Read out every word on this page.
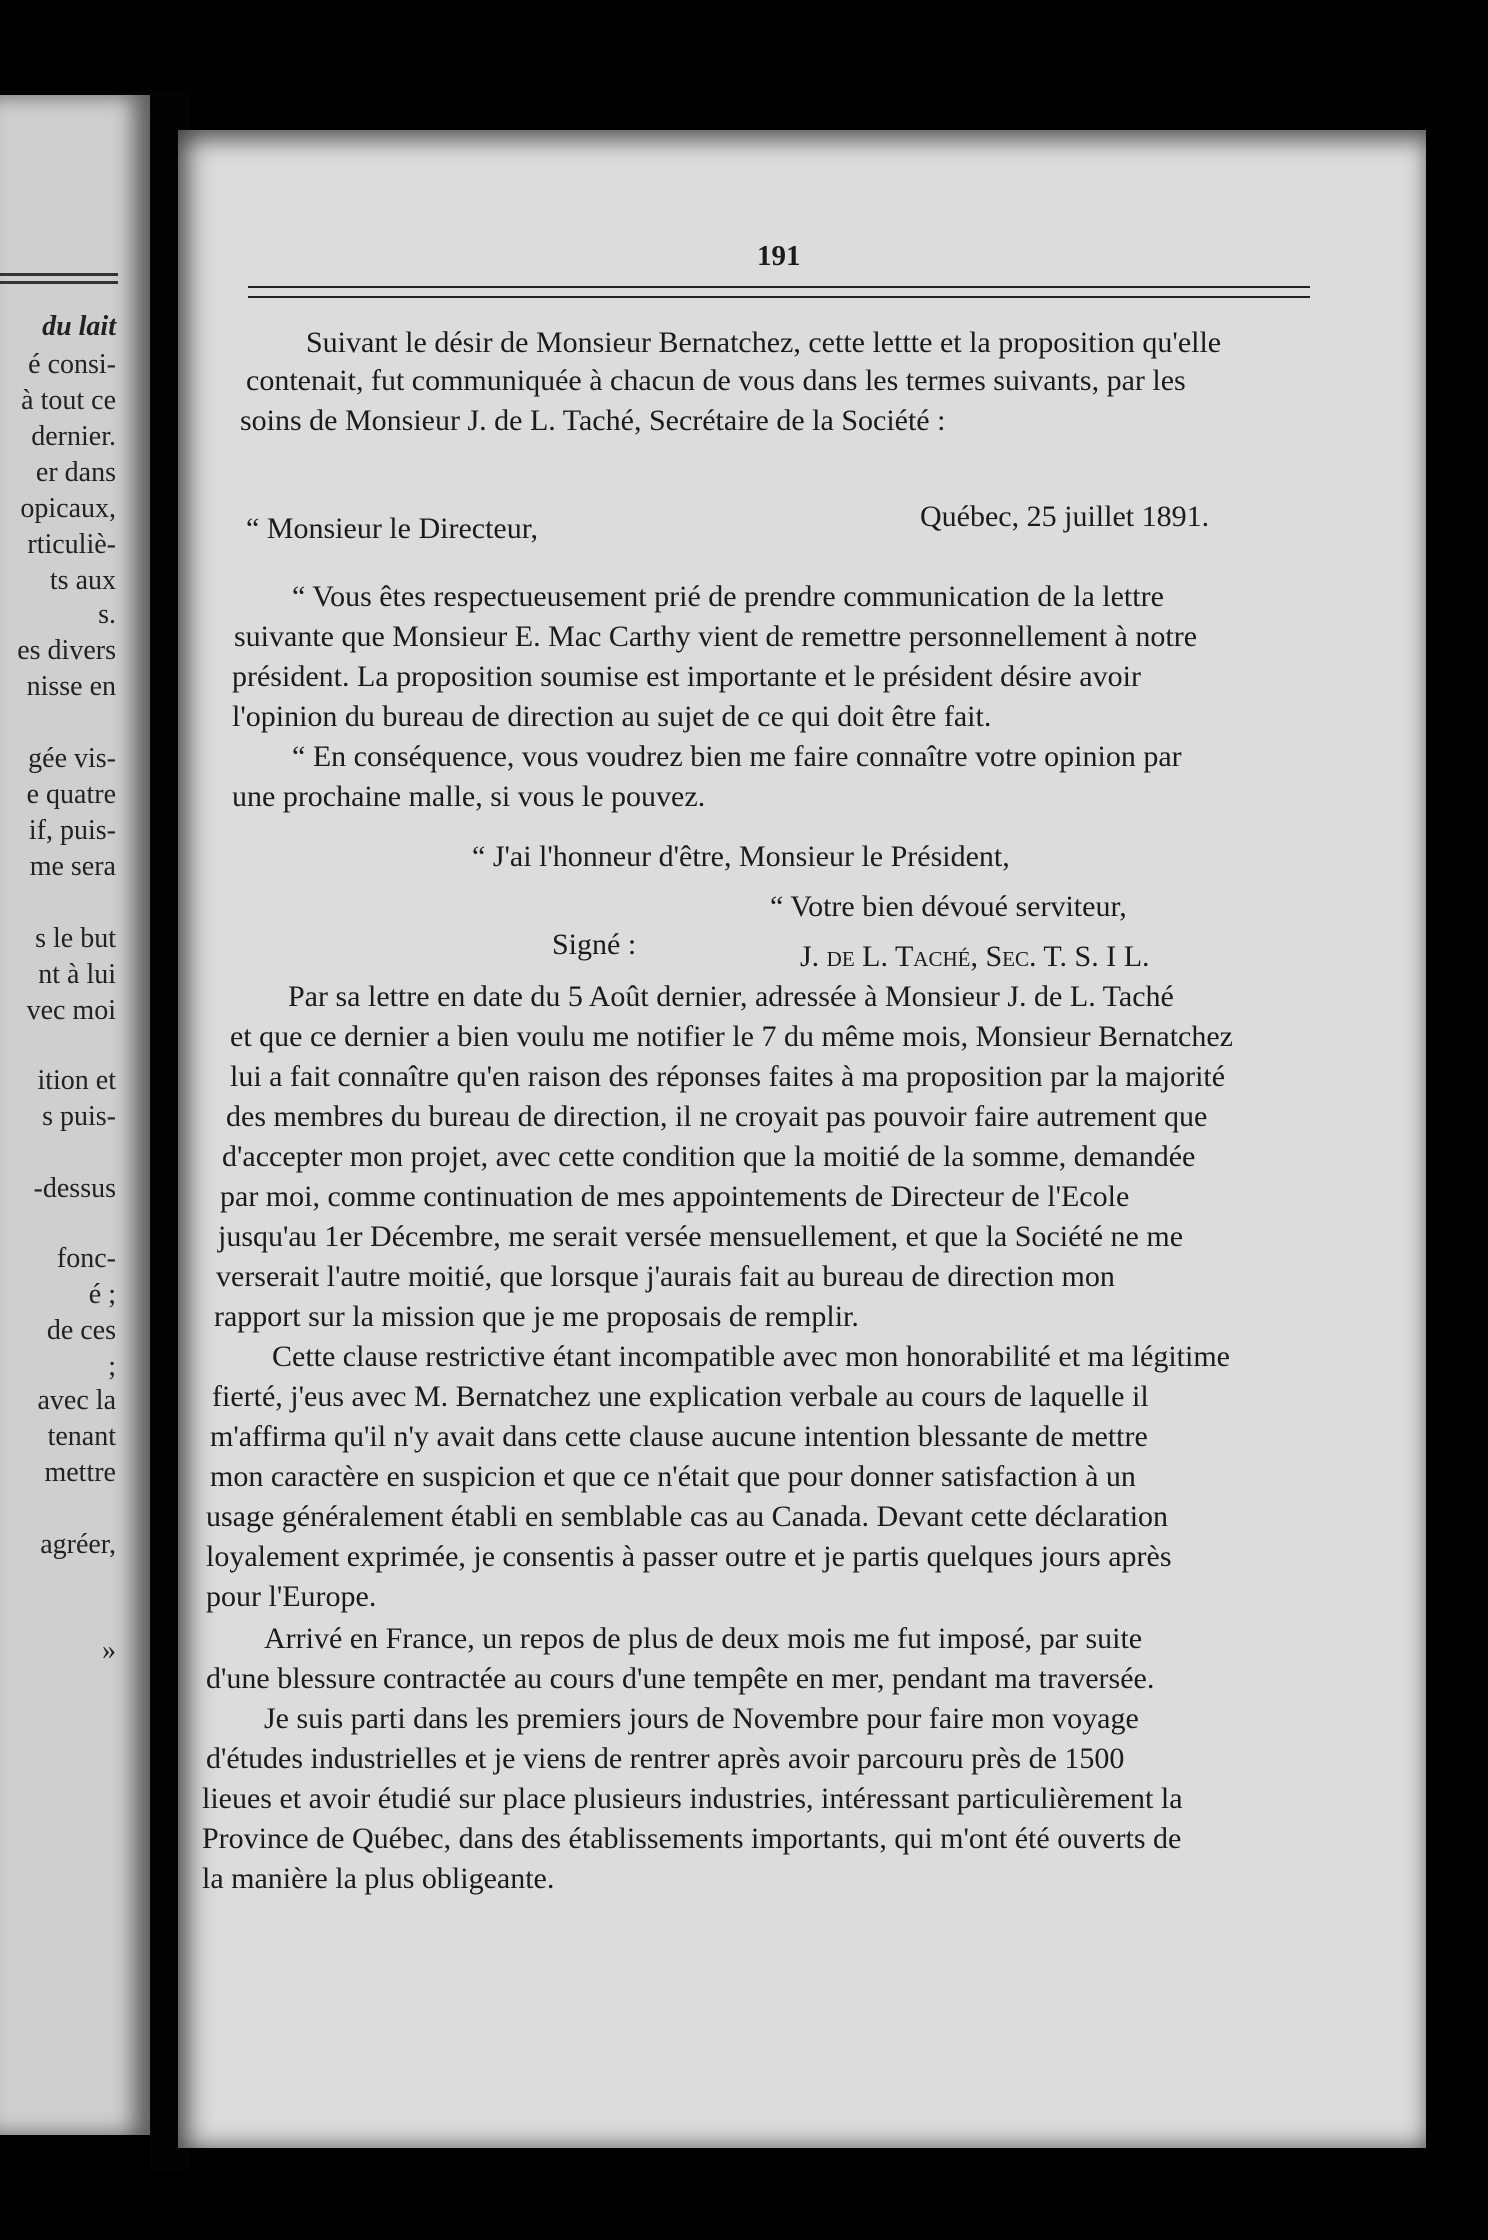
du lait
é consi-
à tout ce
dernier.
er dans
opicaux,
rticuliè-
ts aux
s.
es divers
nisse en
gée vis-
e quatre
if, puis-
me sera
s le but
nt à lui
vec moi
ition et
s puis-
-dessus
fonc-
é ;
de ces
;
avec la
tenant
mettre
agréer,
»
191
Suivant le désir de Monsieur Bernatchez, cette lettte et la proposition qu'elle
contenait, fut communiquée à chacun de vous dans les termes suivants, par les
soins de Monsieur J. de L. Taché, Secrétaire de la Société :
Québec, 25 juillet 1891.
“ Monsieur le Directeur,
“ Vous êtes respectueusement prié de prendre communication de la lettre
suivante que Monsieur E. Mac Carthy vient de remettre personnellement à notre
président. La proposition soumise est importante et le président désire avoir
l'opinion du bureau de direction au sujet de ce qui doit être fait.
“ En conséquence, vous voudrez bien me faire connaître votre opinion par
une prochaine malle, si vous le pouvez.
“ J'ai l'honneur d'être, Monsieur le Président,
“ Votre bien dévoué serviteur,
Signé :	J. de L. Taché, Sec. T. S. I L.
Par sa lettre en date du 5 Août dernier, adressée à Monsieur J. de L. Taché
et que ce dernier a bien voulu me notifier le 7 du même mois, Monsieur Bernatchez
lui a fait connaître qu'en raison des réponses faites à ma proposition par la majorité
des membres du bureau de direction, il ne croyait pas pouvoir faire autrement que
d'accepter mon projet, avec cette condition que la moitié de la somme, demandée
par moi, comme continuation de mes appointements de Directeur de l'Ecole
jusqu'au 1er Décembre, me serait versée mensuellement, et que la Société ne me
verserait l'autre moitié, que lorsque j'aurais fait au bureau de direction mon
rapport sur la mission que je me proposais de remplir.
Cette clause restrictive étant incompatible avec mon honorabilité et ma légitime
fierté, j'eus avec M. Bernatchez une explication verbale au cours de laquelle il
m'affirma qu'il n'y avait dans cette clause aucune intention blessante de mettre
mon caractère en suspicion et que ce n'était que pour donner satisfaction à un
usage généralement établi en semblable cas au Canada. Devant cette déclaration
loyalement exprimée, je consentis à passer outre et je partis quelques jours après
pour l'Europe.
Arrivé en France, un repos de plus de deux mois me fut imposé, par suite
d'une blessure contractée au cours d'une tempête en mer, pendant ma traversée.
Je suis parti dans les premiers jours de Novembre pour faire mon voyage
d'études industrielles et je viens de rentrer après avoir parcouru près de 1500
lieues et avoir étudié sur place plusieurs industries, intéressant particulièrement la
Province de Québec, dans des établissements importants, qui m'ont été ouverts de
la manière la plus obligeante.
